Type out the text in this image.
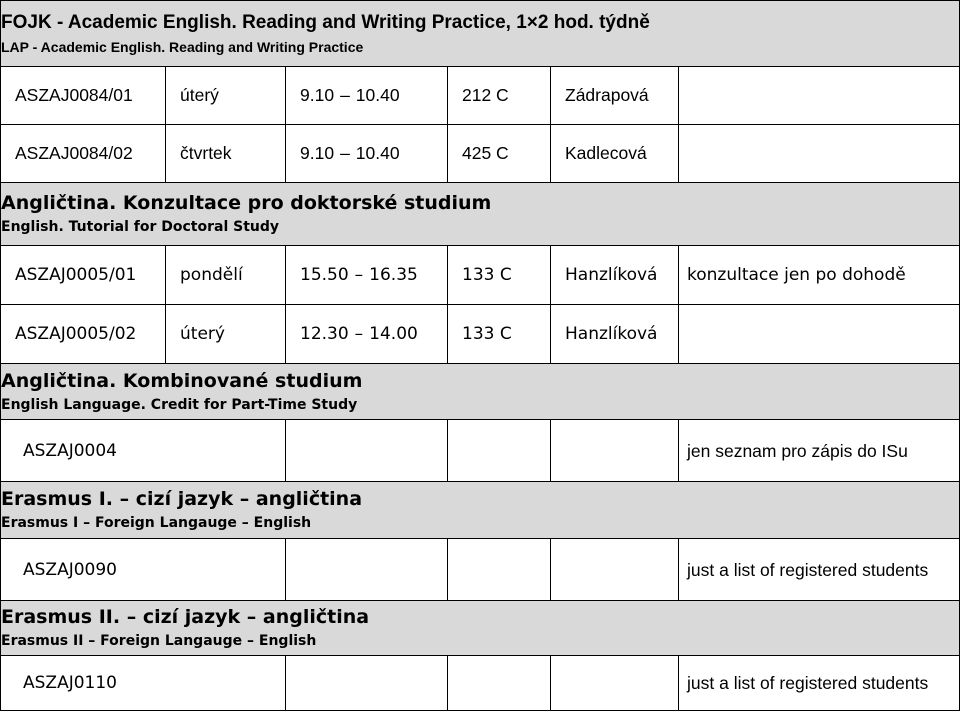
FOJK - Academic English. Reading and Writing Practice, 1×2 hod. týdně
LAP - Academic English. Reading and Writing Practice					

ASZAJ0084/01	úterý	9.10 – 10.40	212 C	Zádrapová	
ASZAJ0084/02	čtvrtek	9.10 – 10.40	425 C	Kadlecová	

Angličtina. Konzultace pro doktorské studium
English. Tutorial for Doctoral Study					

ASZAJ0005/01	pondělí	15.50 – 16.35	133 C	Hanzlíková	konzultace jen po dohodě
ASZAJ0005/02	úterý	12.30 – 14.00	133 C	Hanzlíková	

Angličtina. Kombinované studium
English Language. Credit for Part-Time Study					

ASZAJ0004					jen seznam pro zápis do ISu

Erasmus I. – cizí jazyk – angličtina
Erasmus I – Foreign Langauge – English					

ASZAJ0090					just a list of registered students

Erasmus II. – cizí jazyk – angličtina
Erasmus II – Foreign Langauge – English					

ASZAJ0110					just a list of registered students
